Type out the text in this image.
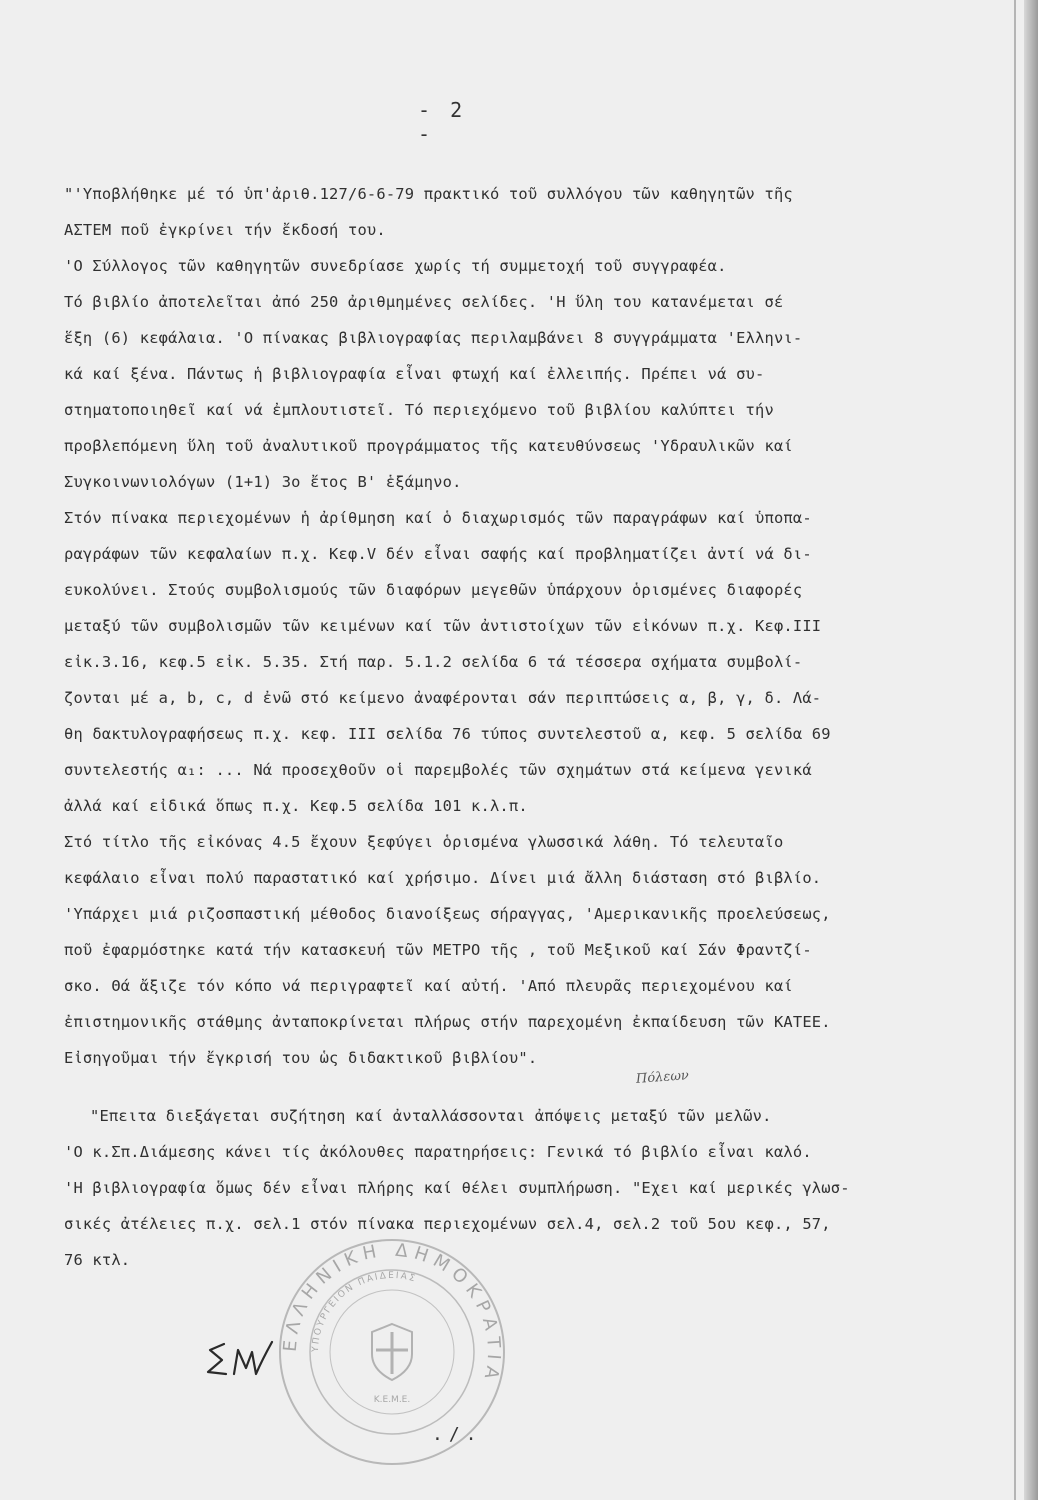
- 2 -
"'Υποβλήθηκε μέ τό ὑπ'ἀριθ.127/6-6-79 πρακτικό τοῦ συλλόγου τῶν καθηγητῶν τῆς
ΑΣΤΕΜ ποῦ ἐγκρίνει τήν ἔκδοσή του.
'Ο Σύλλογος τῶν καθηγητῶν συνεδρίασε χωρίς τή συμμετοχή τοῦ συγγραφέα.
Τό βιβλίο ἀποτελεῖται ἀπό 250 ἀριθμημένες σελίδες. 'Η ὕλη του κατανέμεται σέ
ἕξη (6) κεφάλαια. 'Ο πίνακας βιβλιογραφίας περιλαμβάνει 8 συγγράμματα 'Ελληνι-
κά καί ξένα. Πάντως ἡ βιβλιογραφία εἶναι φτωχή καί ἐλλειπής. Πρέπει νά συ-
στηματοποιηθεῖ καί νά ἐμπλουτιστεῖ. Τό περιεχόμενο τοῦ βιβλίου καλύπτει τήν
προβλεπόμενη ὕλη τοῦ ἀναλυτικοῦ προγράμματος τῆς κατευθύνσεως 'Υδραυλικῶν καί
Συγκοινωνιολόγων (1+1) 3ο ἔτος Β' ἑξάμηνο.
Στόν πίνακα περιεχομένων ἡ ἀρίθμηση καί ὁ διαχωρισμός τῶν παραγράφων καί ὑποπα-
ραγράφων τῶν κεφαλαίων π.χ. Κεφ.V δέν εἶναι σαφής καί προβληματίζει ἀντί νά δι-
ευκολύνει. Στούς συμβολισμούς τῶν διαφόρων μεγεθῶν ὑπάρχουν ὁρισμένες διαφορές
μεταξύ τῶν συμβολισμῶν τῶν κειμένων καί τῶν ἀντιστοίχων τῶν εἰκόνων π.χ. Κεφ.III
εἰκ.3.16, κεφ.5 εἰκ. 5.35. Στή παρ. 5.1.2 σελίδα 6 τά τέσσερα σχήματα συμβολί-
ζονται μέ a, b, c, d ἐνῶ στό κείμενο ἀναφέρονται σάν περιπτώσεις α, β, γ, δ. Λά-
θη δακτυλογραφήσεως π.χ. κεφ. III σελίδα 76 τύπος συντελεστοῦ α, κεφ. 5 σελίδα 69
συντελεστής α₁: ... Νά προσεχθοῦν οἱ παρεμβολές τῶν σχημάτων στά κείμενα γενικά
ἀλλά καί εἰδικά ὅπως π.χ. Κεφ.5 σελίδα 101 κ.λ.π.
Στό τίτλο τῆς εἰκόνας 4.5 ἔχουν ξεφύγει ὁρισμένα γλωσσικά λάθη. Τό τελευταῖο
κεφάλαιο εἶναι πολύ παραστατικό καί χρήσιμο. Δίνει μιά ἄλλη διάσταση στό βιβλίο.
'Υπάρχει μιά ριζοσπαστική μέθοδος διανοίξεως σήραγγας, 'Αμερικανικῆς προελεύσεως,
ποῦ ἐφαρμόστηκε κατά τήν κατασκευή τῶν ΜΕΤΡΟ τῆς , τοῦ Μεξικοῦ καί Σάν Φραντζί-
σκο. Θά ἄξιζε τόν κόπο νά περιγραφτεῖ καί αὐτή. 'Από πλευρᾶς περιεχομένου καί
ἐπιστημονικῆς στάθμης ἀνταποκρίνεται πλήρως στήν παρεχομένη ἐκπαίδευση τῶν ΚΑΤΕΕ.
Εἰσηγοῦμαι τήν ἔγκρισή του ὡς διδακτικοῦ βιβλίου".
"Επειτα διεξάγεται συζήτηση καί ἀνταλλάσσονται ἀπόψεις μεταξύ τῶν μελῶν.
'Ο κ.Σπ.Διάμεσης κάνει τίς ἀκόλουθες παρατηρήσεις: Γενικά τό βιβλίο εἶναι καλό.
'Η βιβλιογραφία ὅμως δέν εἶναι πλήρης καί θέλει συμπλήρωση. "Εχει καί μερικές γλωσ-
σικές ἀτέλειες π.χ. σελ.1 στόν πίνακα περιεχομένων σελ.4, σελ.2 τοῦ 5ου κεφ., 57,
76 κτλ.
Πόλεων
ΕΛΛΗΝΙΚΗ ΔΗΜΟΚΡΑΤΙΑ
ΥΠΟΥΡΓΕΙΟΝ ΠΑΙΔΕΙΑΣ
Κ.Ε.Μ.Ε.
./.
